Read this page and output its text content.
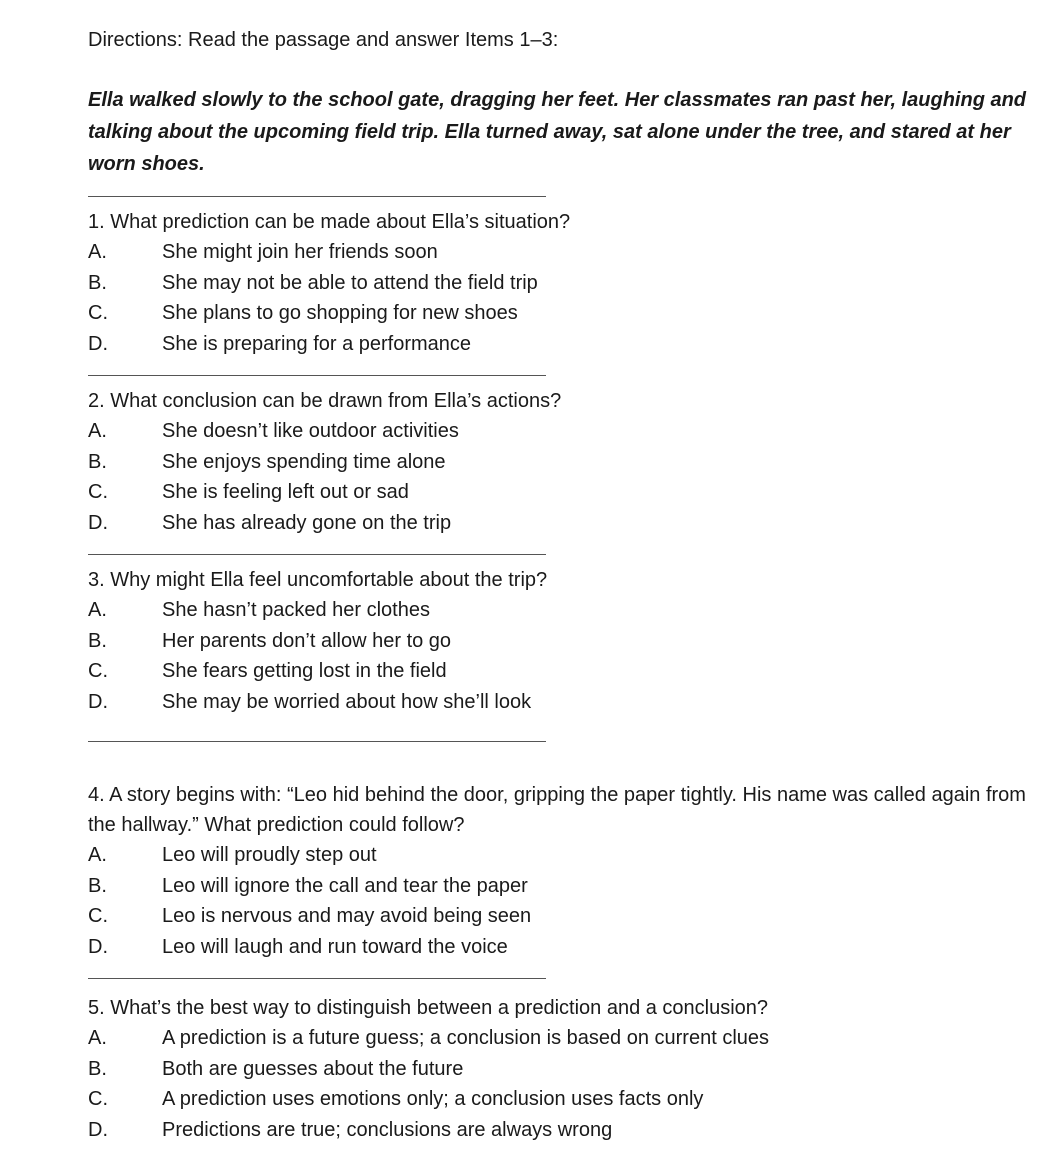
Directions: Read the passage and answer Items 1–3:

Ella walked slowly to the school gate, dragging her feet. Her classmates ran past her, laughing and talking about the upcoming field trip. Ella turned away, sat alone under the tree, and stared at her worn shoes.

1. What prediction can be made about Ella’s situation?

A.	She might join her friends soon
B.	She may not be able to attend the field trip
C.	She plans to go shopping for new shoes
D.	She is preparing for a performance

2. What conclusion can be drawn from Ella’s actions?

A.	She doesn’t like outdoor activities
B.	She enjoys spending time alone
C.	She is feeling left out or sad
D.	She has already gone on the trip

3. Why might Ella feel uncomfortable about the trip?

A.	She hasn’t packed her clothes
B.	Her parents don’t allow her to go
C.	She fears getting lost in the field
D.	She may be worried about how she’ll look

4. A story begins with: “Leo hid behind the door, gripping the paper tightly. His name was called again from the hallway.” What prediction could follow?

A.	Leo will proudly step out
B.	Leo will ignore the call and tear the paper
C.	Leo is nervous and may avoid being seen
D.	Leo will laugh and run toward the voice

5. What’s the best way to distinguish between a prediction and a conclusion?

A.	A prediction is a future guess; a conclusion is based on current clues
B.	Both are guesses about the future
C.	A prediction uses emotions only; a conclusion uses facts only
D.	Predictions are true; conclusions are always wrong
